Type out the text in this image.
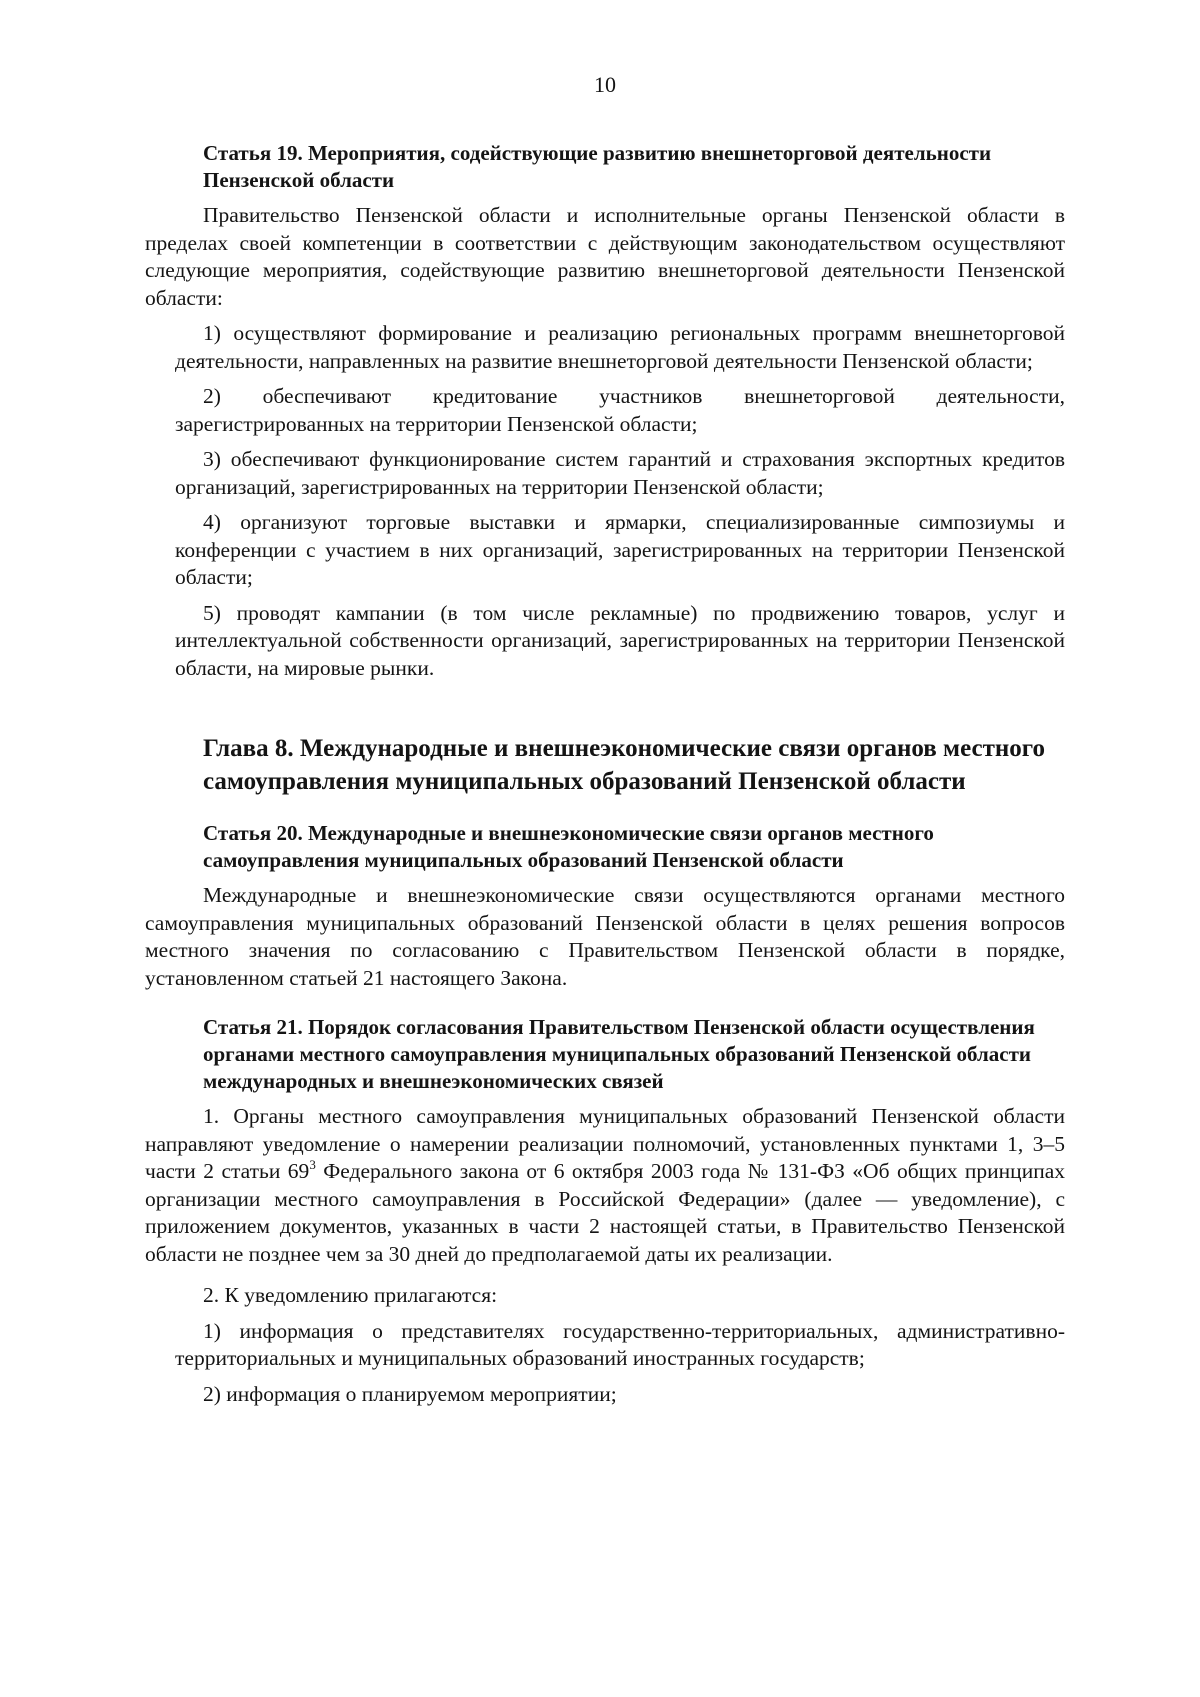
10
Статья 19. Мероприятия, содействующие развитию внешнеторговой деятельности Пензенской области

Правительство Пензенской области и исполнительные органы Пензенской области в пределах своей компетенции в соответствии с действующим законодательством осуществляют следующие мероприятия, содействующие развитию внешнеторговой деятельности Пензенской области:

1) осуществляют формирование и реализацию региональных программ внешнеторговой деятельности, направленных на развитие внешнеторговой деятельности Пензенской области;

2) обеспечивают кредитование участников внешнеторговой деятельности, зарегистрированных на территории Пензенской области;

3) обеспечивают функционирование систем гарантий и страхования экспортных кредитов организаций, зарегистрированных на территории Пензенской области;

4) организуют торговые выставки и ярмарки, специализированные симпозиумы и конференции с участием в них организаций, зарегистрированных на территории Пензенской области;

5) проводят кампании (в том числе рекламные) по продвижению товаров, услуг и интеллектуальной собственности организаций, зарегистрированных на территории Пензенской области, на мировые рынки.

Глава 8. Международные и внешнеэкономические связи органов местного самоуправления муниципальных образований Пензенской области
Статья 20. Международные и внешнеэкономические связи органов местного самоуправления муниципальных образований Пензенской области

Международные и внешнеэкономические связи осуществляются органами местного самоуправления муниципальных образований Пензенской области в целях решения вопросов местного значения по согласованию с Правительством Пензенской области в порядке, установленном статьей 21 настоящего Закона.

Статья 21. Порядок согласования Правительством Пензенской области осуществления органами местного самоуправления муниципальных образований Пензенской области международных и внешнеэкономических связей

1. Органы местного самоуправления муниципальных образований Пензенской области направляют уведомление о намерении реализации полномочий, установленных пунктами 1, 3–5 части 2 статьи $69^3$ Федерального закона от 6 октября 2003 года № 131-ФЗ «Об общих принципах организации местного самоуправления в Российской Федерации» (далее — уведомление), с приложением документов, указанных в части 2 настоящей статьи, в Правительство Пензенской области не позднее чем за 30 дней до предполагаемой даты их реализации.

2. К уведомлению прилагаются:

1) информация о представителях государственно-территориальных, административно-территориальных и муниципальных образований иностранных государств;

2) информация о планируемом мероприятии;
